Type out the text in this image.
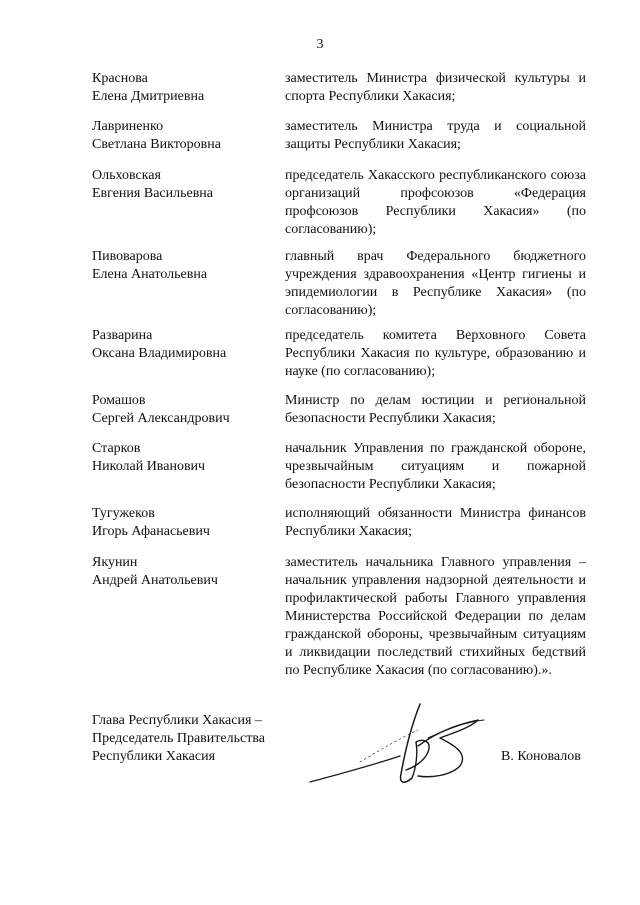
3
Краснова
Елена Дмитриевна
заместитель Министра физической культуры и спорта Республики Хакасия;
Лавриненко
Светлана Викторовна
заместитель Министра труда и социальной защиты Республики Хакасия;
Ольховская
Евгения Васильевна
председатель Хакасского республиканского союза организаций профсоюзов «Федерация профсоюзов Республики Хакасия» (по согласованию);
Пивоварова
Елена Анатольевна
главный врач Федерального бюджетного учреждения здравоохранения «Центр гигиены и эпидемиологии в Республике Хакасия» (по согласованию);
Разварина
Оксана Владимировна
председатель комитета Верховного Совета Республики Хакасия по культуре, образованию и науке (по согласованию);
Ромашов
Сергей Александрович
Министр по делам юстиции и региональной безопасности Республики Хакасия;
Старков
Николай Иванович
начальник Управления по гражданской обороне, чрезвычайным ситуациям и пожарной безопасности Республики Хакасия;
Тугужеков
Игорь Афанасьевич
исполняющий обязанности Министра финансов Республики Хакасия;
Якунин
Андрей Анатольевич
заместитель начальника Главного управления – начальник управления надзорной деятельности и профилактической работы Главного управления Министерства Российской Федерации по делам гражданской обороны, чрезвычайным ситуациям и ликвидации последствий стихийных бедствий по Республике Хакасия (по согласованию).».
Глава Республики Хакасия –
Председатель Правительства
Республики Хакасия	В. Коновалов
